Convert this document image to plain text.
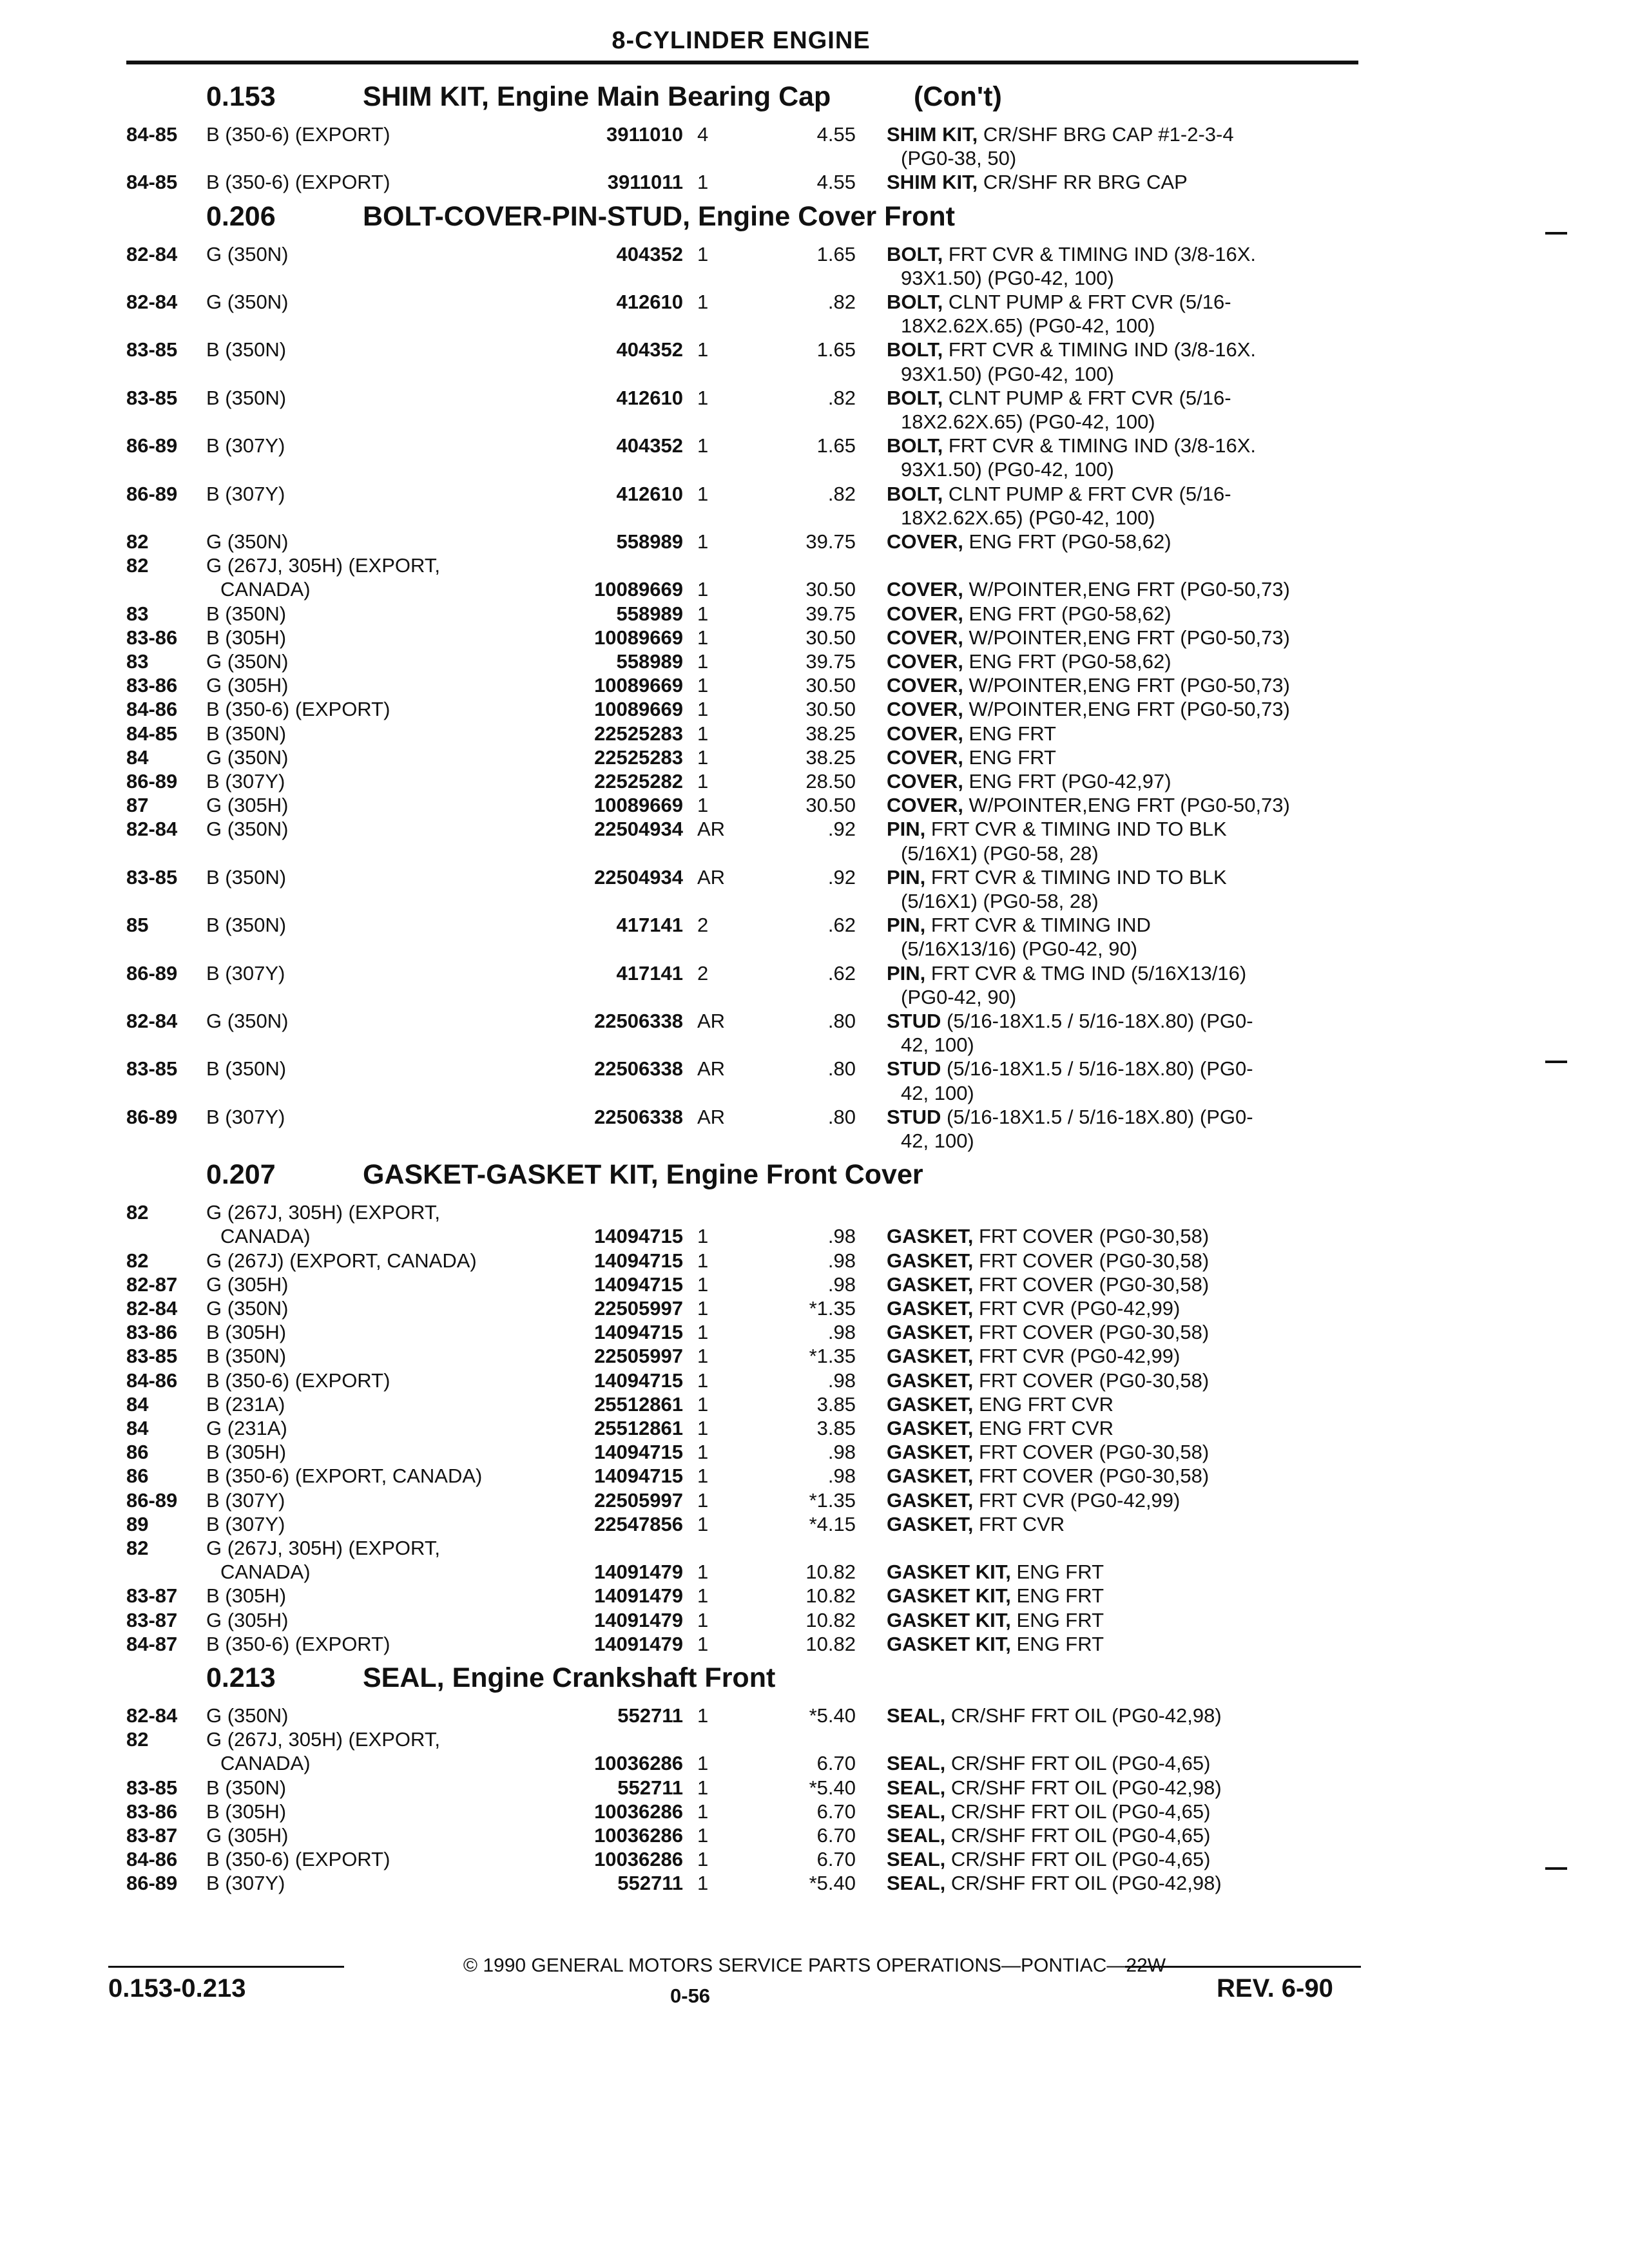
8-CYLINDER ENGINE
0.153	SHIM KIT, Engine Main Bearing Cap	(Con't)
84-85 B (350-6) (EXPORT)	3911010 4	4.55 SHIM KIT, CR/SHF BRG CAP #1-2-3-4
(PG0-38, 50)
84-85 B (350-6) (EXPORT)	3911011 1	4.55 SHIM KIT, CR/SHF RR BRG CAP
0.206	BOLT-COVER-PIN-STUD, Engine Cover Front
82-84 G (350N)	404352 1	1.65 BOLT, FRT CVR & TIMING IND (3/8-16X.
93X1.50) (PG0-42, 100)
82-84 G (350N)	412610 1	.82 BOLT, CLNT PUMP & FRT CVR (5/16-
18X2.62X.65) (PG0-42, 100)
83-85 B (350N)	404352 1	1.65 BOLT, FRT CVR & TIMING IND (3/8-16X.
93X1.50) (PG0-42, 100)
83-85 B (350N)	412610 1	.82 BOLT, CLNT PUMP & FRT CVR (5/16-
18X2.62X.65) (PG0-42, 100)
86-89 B (307Y)	404352 1	1.65 BOLT, FRT CVR & TIMING IND (3/8-16X.
93X1.50) (PG0-42, 100)
86-89 B (307Y)	412610 1	.82 BOLT, CLNT PUMP & FRT CVR (5/16-
18X2.62X.65) (PG0-42, 100)
82	G (350N)	558989 1	39.75 COVER, ENG FRT (PG0-58,62)
82	G (267J, 305H) (EXPORT,
CANADA)	10089669 1	30.50 COVER, W/POINTER,ENG FRT (PG0-50,73)
83	B (350N)	558989 1	39.75 COVER, ENG FRT (PG0-58,62)
83-86 B (305H)	10089669 1	30.50 COVER, W/POINTER,ENG FRT (PG0-50,73)
83	G (350N)	558989 1	39.75 COVER, ENG FRT (PG0-58,62)
83-86 G (305H)	10089669 1	30.50 COVER, W/POINTER,ENG FRT (PG0-50,73)
84-86 B (350-6) (EXPORT)	10089669 1	30.50 COVER, W/POINTER,ENG FRT (PG0-50,73)
84-85 B (350N)	22525283 1	38.25 COVER, ENG FRT
84	G (350N)	22525283 1	38.25 COVER, ENG FRT
86-89 B (307Y)	22525282 1	28.50 COVER, ENG FRT (PG0-42,97)
87	G (305H)	10089669 1	30.50 COVER, W/POINTER,ENG FRT (PG0-50,73)
82-84 G (350N)	22504934 AR	.92 PIN, FRT CVR & TIMING IND TO BLK
(5/16X1) (PG0-58, 28)
83-85 B (350N)	22504934 AR	.92 PIN, FRT CVR & TIMING IND TO BLK
(5/16X1) (PG0-58, 28)
85	B (350N)	417141 2	.62 PIN, FRT CVR & TIMING IND
(5/16X13/16) (PG0-42, 90)
86-89 B (307Y)	417141 2	.62 PIN, FRT CVR & TMG IND (5/16X13/16)
(PG0-42, 90)
82-84 G (350N)	22506338 AR	.80 STUD (5/16-18X1.5 / 5/16-18X.80) (PG0-
42, 100)
83-85 B (350N)	22506338 AR	.80 STUD (5/16-18X1.5 / 5/16-18X.80) (PG0-
42, 100)
86-89 B (307Y)	22506338 AR	.80 STUD (5/16-18X1.5 / 5/16-18X.80) (PG0-
42, 100)
0.207	GASKET-GASKET KIT, Engine Front Cover
82	G (267J, 305H) (EXPORT,
CANADA)	14094715 1	.98 GASKET, FRT COVER (PG0-30,58)
82	G (267J) (EXPORT, CANADA)	14094715 1	.98 GASKET, FRT COVER (PG0-30,58)
82-87 G (305H)	14094715 1	.98 GASKET, FRT COVER (PG0-30,58)
82-84 G (350N)	22505997 1	*1.35 GASKET, FRT CVR (PG0-42,99)
83-86 B (305H)	14094715 1	.98 GASKET, FRT COVER (PG0-30,58)
83-85 B (350N)	22505997 1	*1.35 GASKET, FRT CVR (PG0-42,99)
84-86 B (350-6) (EXPORT)	14094715 1	.98 GASKET, FRT COVER (PG0-30,58)
84	B (231A)	25512861 1	3.85 GASKET, ENG FRT CVR
84	G (231A)	25512861 1	3.85 GASKET, ENG FRT CVR
86	B (305H)	14094715 1	.98 GASKET, FRT COVER (PG0-30,58)
86	B (350-6) (EXPORT, CANADA)	14094715 1	.98 GASKET, FRT COVER (PG0-30,58)
86-89 B (307Y)	22505997 1	*1.35 GASKET, FRT CVR (PG0-42,99)
89	B (307Y)	22547856 1	*4.15 GASKET, FRT CVR
82	G (267J, 305H) (EXPORT,
CANADA)	14091479 1	10.82 GASKET KIT, ENG FRT
83-87 B (305H)	14091479 1	10.82 GASKET KIT, ENG FRT
83-87 G (305H)	14091479 1	10.82 GASKET KIT, ENG FRT
84-87 B (350-6) (EXPORT)	14091479 1	10.82 GASKET KIT, ENG FRT
0.213	SEAL, Engine Crankshaft Front
82-84 G (350N)	552711 1	*5.40 SEAL, CR/SHF FRT OIL (PG0-42,98)
82	G (267J, 305H) (EXPORT,
CANADA)	10036286 1	6.70 SEAL, CR/SHF FRT OIL (PG0-4,65)
83-85 B (350N)	552711 1	*5.40 SEAL, CR/SHF FRT OIL (PG0-42,98)
83-86 B (305H)	10036286 1	6.70 SEAL, CR/SHF FRT OIL (PG0-4,65)
83-87 G (305H)	10036286 1	6.70 SEAL, CR/SHF FRT OIL (PG0-4,65)
84-86 B (350-6) (EXPORT)	10036286 1	6.70 SEAL, CR/SHF FRT OIL (PG0-4,65)
86-89 B (307Y)	552711 1	*5.40 SEAL, CR/SHF FRT OIL (PG0-42,98)
© 1990 GENERAL MOTORS SERVICE PARTS OPERATIONS—PONTIAC—22W
0.153-0.213	0-56	REV. 6-90
